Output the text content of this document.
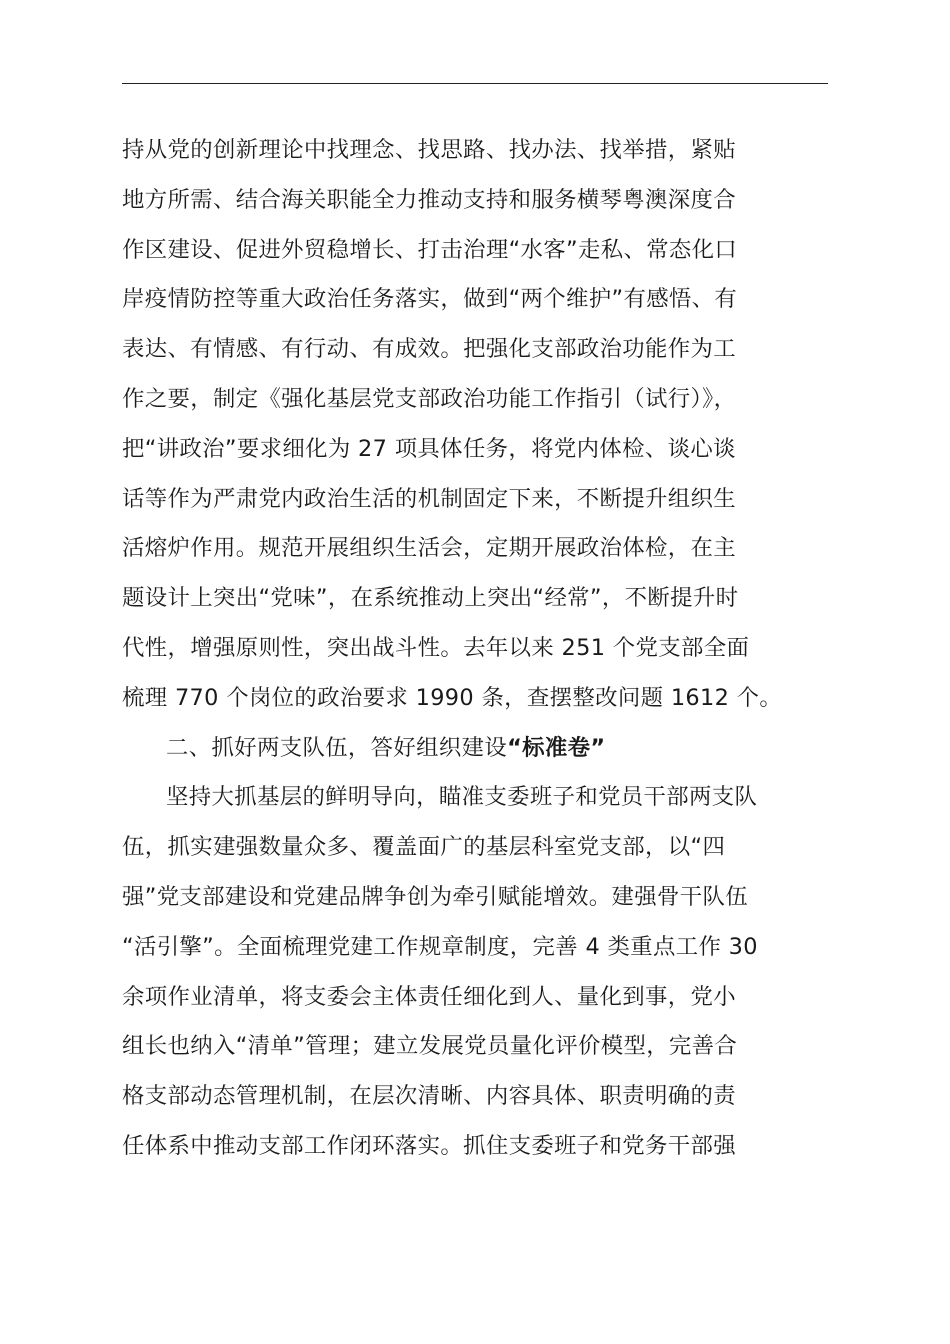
持从党的创新理论中找理念、找思路、找办法、找举措，紧贴
地方所需、结合海关职能全力推动支持和服务横琴粤澳深度合
作区建设、促进外贸稳增长、打击治理“水客”走私、常态化口
岸疫情防控等重大政治任务落实，做到“两个维护”有感悟、有
表达、有情感、有行动、有成效。把强化支部政治功能作为工
作之要，制定《强化基层党支部政治功能工作指引（试行）》，
把“讲政治”要求细化为 27 项具体任务，将党内体检、谈心谈
话等作为严肃党内政治生活的机制固定下来，不断提升组织生
活熔炉作用。规范开展组织生活会，定期开展政治体检，在主
题设计上突出“党味”，在系统推动上突出“经常”，不断提升时
代性，增强原则性，突出战斗性。去年以来 251 个党支部全面
梳理 770 个岗位的政治要求 1990 条，查摆整改问题 1612 个。
二、抓好两支队伍，答好组织建设“标准卷”
坚持大抓基层的鲜明导向，瞄准支委班子和党员干部两支队
伍，抓实建强数量众多、覆盖面广的基层科室党支部，以“四
强”党支部建设和党建品牌争创为牵引赋能增效。建强骨干队伍
“活引擎”。全面梳理党建工作规章制度，完善 4 类重点工作 30
余项作业清单，将支委会主体责任细化到人、量化到事，党小
组长也纳入“清单”管理；建立发展党员量化评价模型，完善合
格支部动态管理机制，在层次清晰、内容具体、职责明确的责
任体系中推动支部工作闭环落实。抓住支委班子和党务干部强
